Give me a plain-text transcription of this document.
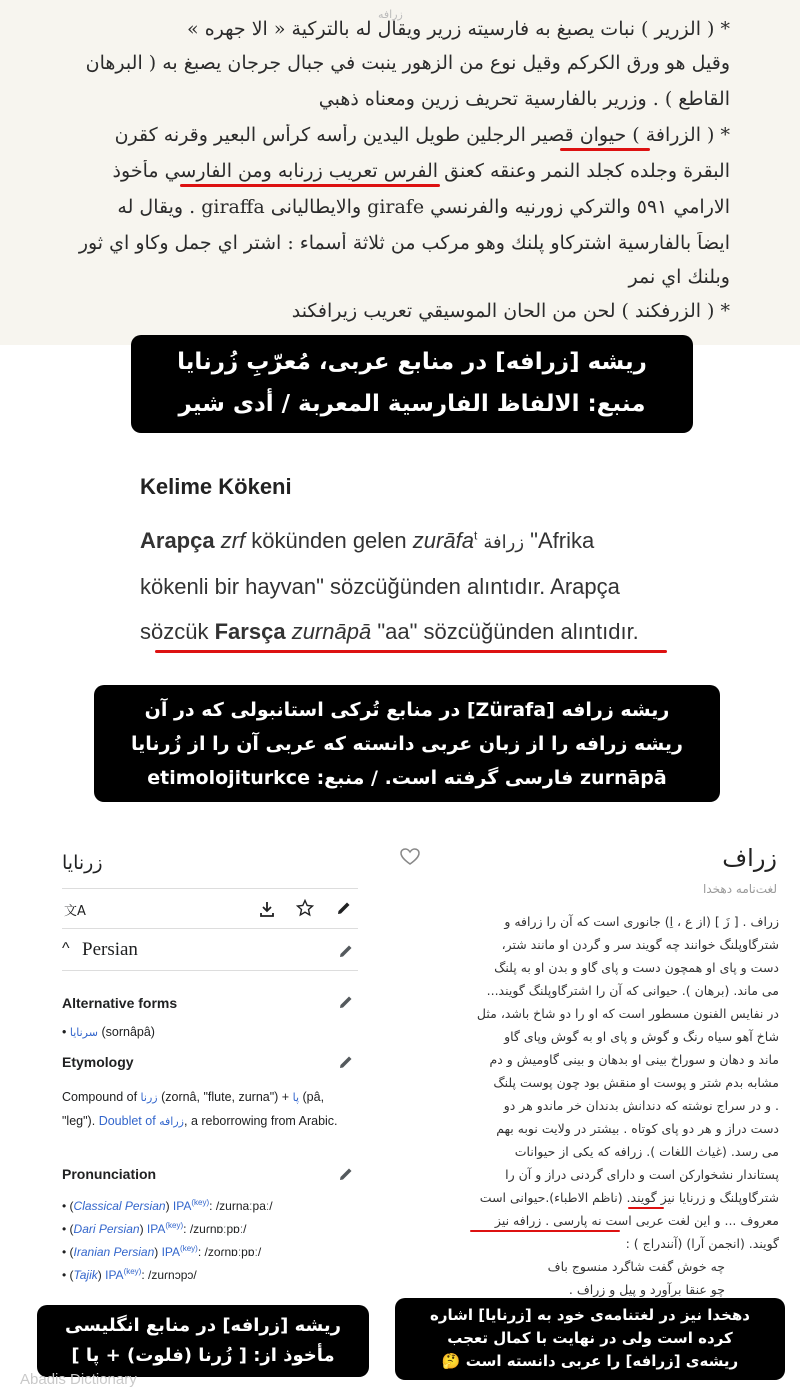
زرافه
* ( الزرير ) نبات يصبغ به فارسيته زرير ويقال له بالتركية « الا جهره »
وقيل هو ورق الكركم وقيل نوع من الزهور ينبت في جبال جرجان يصبغ به ( البرهان
القاطع ) . وزرير بالفارسية تحريف زرين ومعناه ذهبي
* ( الزرافة ) حيوان قصير الرجلين طويل اليدين رأسه كرأس البعير وقرنه كقرن
البقرة وجلده كجلد النمر وعنقه كعنق الفرس تعريب زرنابه ومن الفارسي مأخوذ
الارامي ٥٩١ والتركي زورنيه والفرنسي girafe والايطاليانى giraffa . ويقال له
ايضاً بالفارسية اشتركاو پلنك وهو مركب من ثلاثة أسماء : اشتر اي جمل وكاو اي ثور
وبلنك اي نمر
* ( الزرفكند ) لحن من الحان الموسيقي تعريب زيرافكند
ریشه [زرافه] در منابع عربی، مُعرّبِ زُرنایا
منبع: الالفاظ الفارسیة المعربة / أدی شیر
Kelime Kökeni
Arapça zrf kökünden gelen zurāfa$^t$ زرافة "Afrika
kökenli bir hayvan" sözcüğünden alıntıdır. Arapça
sözcük Farsça zurnāpā "aa" sözcüğünden alıntıdır.
ریشه زرافه [Zürafa] در منابع تُرکی استانبولی که در آن
ریشه زرافه را از زبان عربی دانسته که عربی آن را از زُرنایا
zurnāpā فارسی گرفته است. / منبع: etimolojiturkce
زرنایا
文A
^ Persian
Alternative forms
• سرنایا (sornâpâ)
Etymology
Compound of زرنا (zornâ, "flute, zurna") + پا (pâ,
"leg"). Doublet of زرافه, a reborrowing from Arabic.
Pronunciation
• (Classical Persian) $IPA^{(key)}$: /zurnaːpaː/
• (Dari Persian) $IPA^{(key)}$: /zuɾnɒːpɒː/
• (Iranian Persian) $IPA^{(key)}$: /zoɾnɒːpɒː/
• (Tajik) $IPA^{(key)}$: /zuɾnɔpɔ/
زراف
لغت‌نامه دهخدا
زراف . [ زَ ] (از ع ، اِ) جانوری است که آن را زرافه و
شترگاوپلنگ خوانند چه گویند سر و گردن او مانند شتر،
دست و پای او همچون دست و پای گاو و بدن او به پلنگ
می ماند. (برهان ). حیوانی که آن را اشترگاوپلنگ گویند...
در نفایس الفنون مسطور است که او را دو شاخ باشد، مثل
شاخ آهو سیاه رنگ و گوش و پای او به گوش وپای گاو
ماند و دهان و سوراخ بینی او بدهان و بینی گاومیش و دم
مشابه بدم شتر و پوست او منقش بود چون پوست پلنگ
. و در سراج نوشته که دندانش بدندان خر ماندو هر دو
دست دراز و هر دو پای کوتاه . بیشتر در ولایت نوبه بهم
می رسد. (غیاث اللغات ). زرافه که یکی از حیوانات
پستاندار نشخوارکن است و دارای گردنی دراز و آن را
شترگاوپلنگ و زرنایا نیز گویند. (ناظم الاطباء).حیوانی است
معروف ... و این لغت عربی است نه پارسی . زرافه نیز
گویند. (انجمن آرا) (آنندراج ) :
چه خوش گفت شاگرد منسوج باف
چو عنقا برآورد و پیل و زراف .
ریشه [زرافه] در منابع انگلیسی
مأخوذ از: [ زُرنا (فلوت) + پا ]
دهخدا نیز در لغتنامه‌ی خود به [زرنایا] اشاره
کرده است ولی در نهایت با کمال تعجب
ریشه‌ی [زرافه] را عربی دانسته است 🤔
Abadis Dictionary
